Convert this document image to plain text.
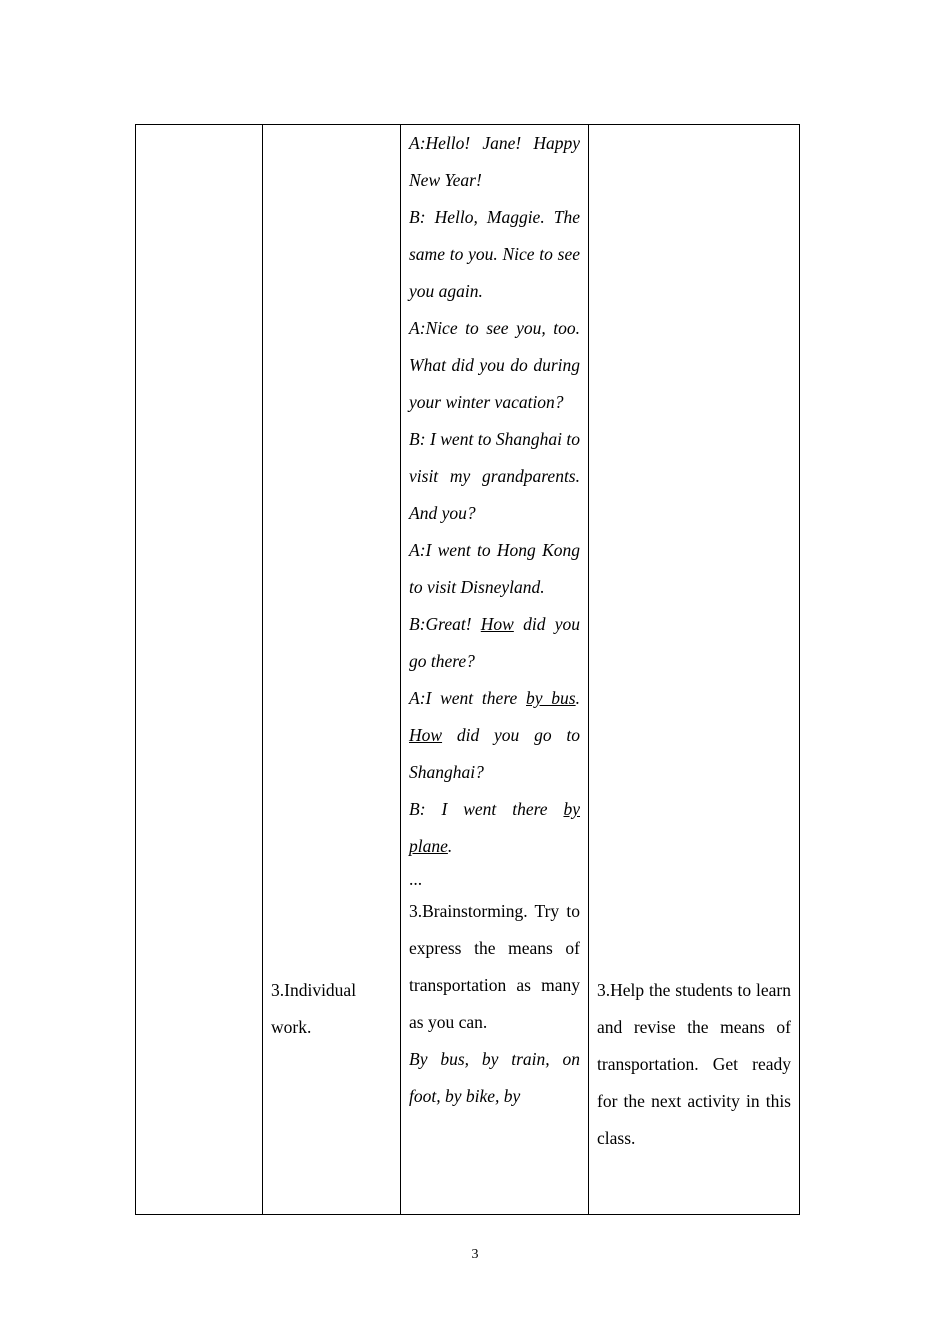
A:Hello! Jane! Happy New Year!

B: Hello, Maggie. The same to you. Nice to see you again.

A:Nice to see you, too. What did you do during your winter vacation?

B: I went to Shanghai to visit my grandparents. And you?

A:I went to Hong Kong to visit Disneyland.

B:Great! How did you go there?

A:I went there by bus. How did you go to Shanghai?

B: I went there by plane.

...

3.Brainstorming. Try to express the means of transportation as many as you can.

By bus, by train, on foot, by bike, by

3.Individual work.

3.Help the students to learn and revise the means of transportation. Get ready for the next activity in this class.

3
